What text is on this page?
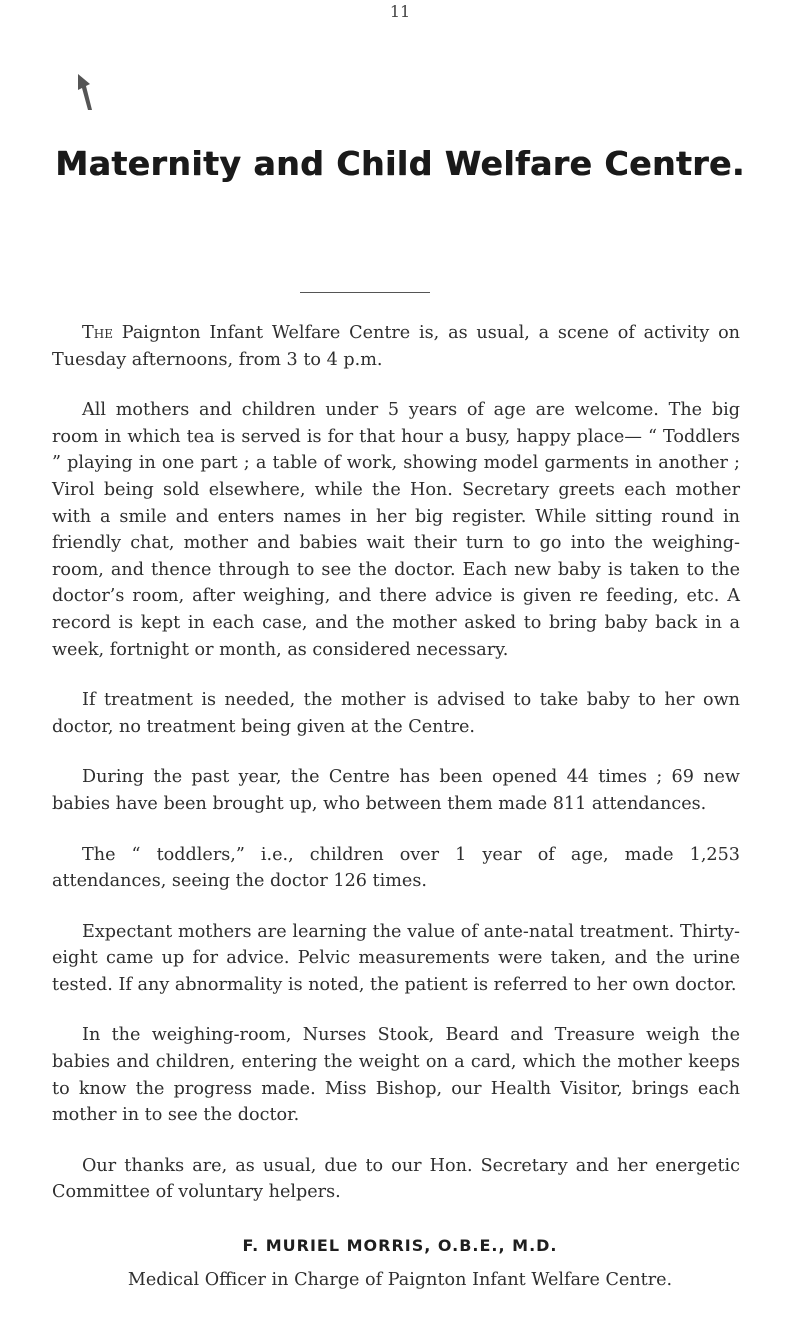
11
Maternity and Child Welfare Centre.

The Paignton Infant Welfare Centre is, as usual, a scene of activity on Tuesday afternoons, from 3 to 4 p.m.

All mothers and children under 5 years of age are welcome. The big room in which tea is served is for that hour a busy, happy place— “ Toddlers ” playing in one part ; a table of work, showing model garments in another ; Virol being sold elsewhere, while the Hon. Secretary greets each mother with a smile and enters names in her big register. While sitting round in friendly chat, mother and babies wait their turn to go into the weighing-room, and thence through to see the doctor. Each new baby is taken to the doctor’s room, after weighing, and there advice is given re feeding, etc. A record is kept in each case, and the mother asked to bring baby back in a week, fortnight or month, as considered necessary.

If treatment is needed, the mother is advised to take baby to her own doctor, no treatment being given at the Centre.

During the past year, the Centre has been opened 44 times ; 69 new babies have been brought up, who between them made 811 attendances.

The “ toddlers,” i.e., children over 1 year of age, made 1,253 attendances, seeing the doctor 126 times.

Expectant mothers are learning the value of ante-natal treatment. Thirty-eight came up for advice. Pelvic measurements were taken, and the urine tested. If any abnormality is noted, the patient is referred to her own doctor.

In the weighing-room, Nurses Stook, Beard and Treasure weigh the babies and children, entering the weight on a card, which the mother keeps to know the progress made. Miss Bishop, our Health Visitor, brings each mother in to see the doctor.

Our thanks are, as usual, due to our Hon. Secretary and her energetic Committee of voluntary helpers.

F. MURIEL MORRIS, O.B.E., M.D.
Medical Officer in Charge of Paignton Infant Welfare Centre.
